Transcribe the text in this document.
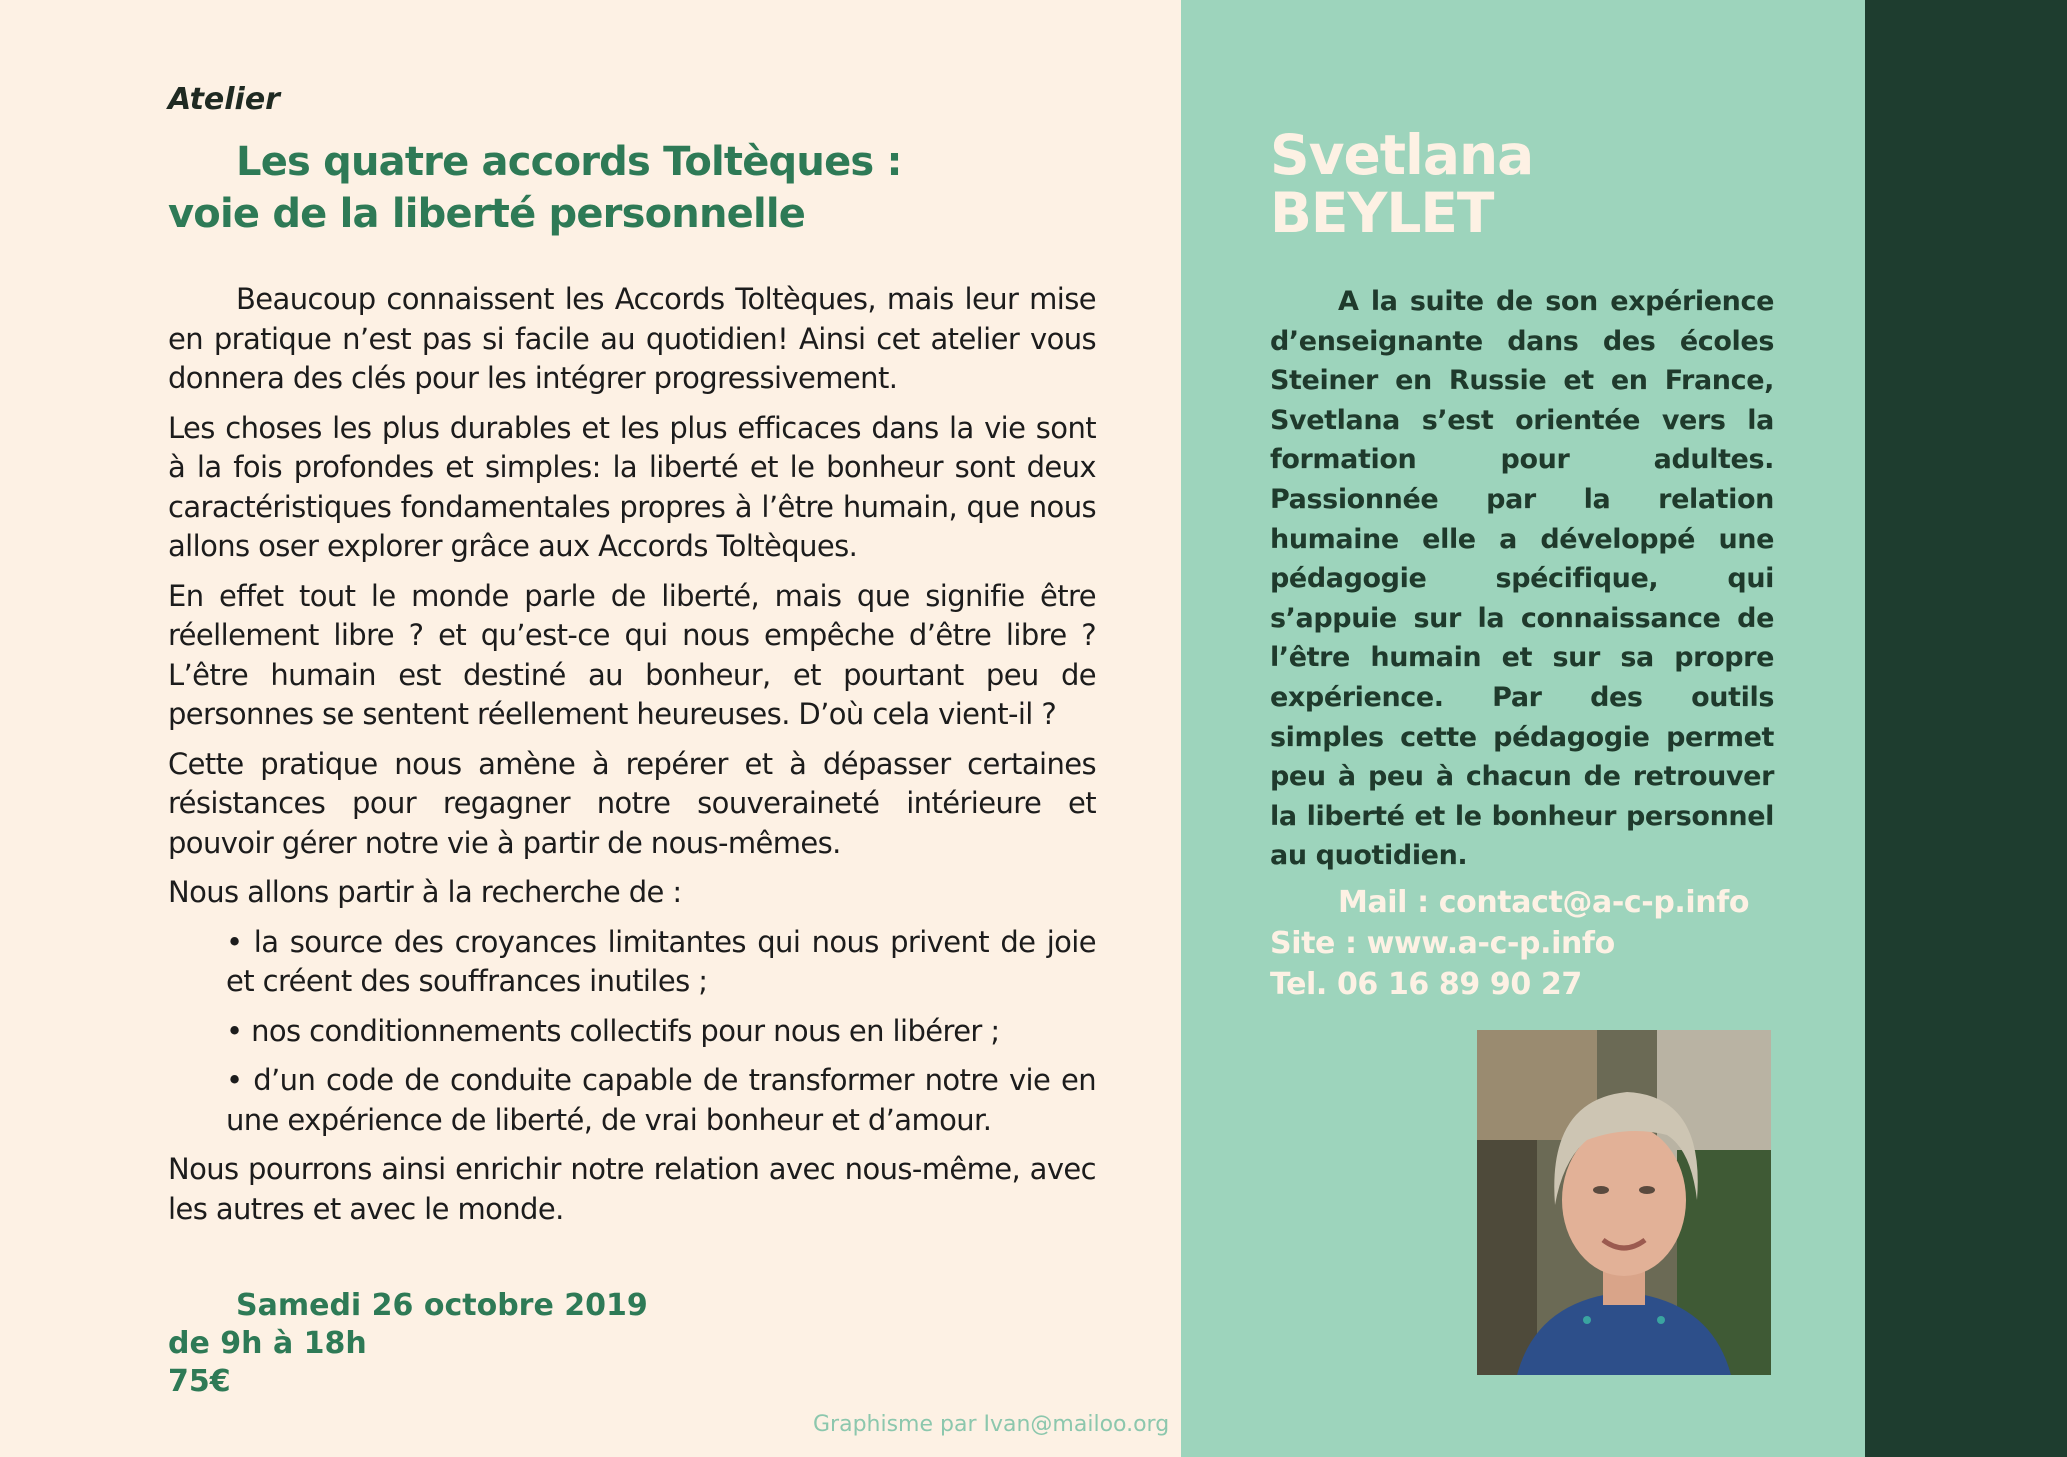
Atelier
Les quatre accords Toltèques :
voie de la liberté personnelle

Beaucoup connaissent les Accords Toltèques, mais leur mise en pratique n’est pas si facile au quotidien! Ainsi cet atelier vous donnera des clés pour les intégrer progressivement.

Les choses les plus durables et les plus efficaces dans la vie sont à la fois profondes et simples: la liberté et le bonheur sont deux caractéristiques fondamentales propres à l’être humain, que nous allons oser explorer grâce aux Accords Toltèques.

En effet tout le monde parle de liberté, mais que signifie être réellement libre ? et qu’est-ce qui nous empêche d’être libre ? L’être humain est destiné au bonheur, et pourtant peu de personnes se sentent réellement heureuses. D’où cela vient-il ?

Cette pratique nous amène à repérer et à dépasser certaines résistances pour regagner notre souveraineté intérieure et pouvoir gérer notre vie à partir de nous-mêmes.

Nous allons partir à la recherche de :

• la source des croyances limitantes qui nous privent de joie et créent des souffrances inutiles ;

• nos conditionnements collectifs pour nous en libérer ;

• d’un code de conduite capable de transformer notre vie en une expérience de liberté, de vrai bonheur et d’amour.

Nous pourrons ainsi enrichir notre relation avec nous-même, avec les autres et avec le monde.

Samedi 26 octobre 2019
de 9h à 18h
75€
Graphisme par Ivan@mailoo.org
Svetlana
BEYLET

A la suite de son expérience d’enseignante dans des écoles Steiner en Russie et en France, Svetlana s’est orientée vers la formation pour adultes. Passionnée par la relation humaine elle a développé une pédagogie spécifique, qui s’appuie sur la connaissance de l’être humain et sur sa propre expérience. Par des outils simples cette pédagogie permet peu à peu à chacun de retrouver la liberté et le bonheur personnel au quotidien.

Mail : contact@a-c-p.info
Site : www.a-c-p.info
Tel. 06 16 89 90 27
